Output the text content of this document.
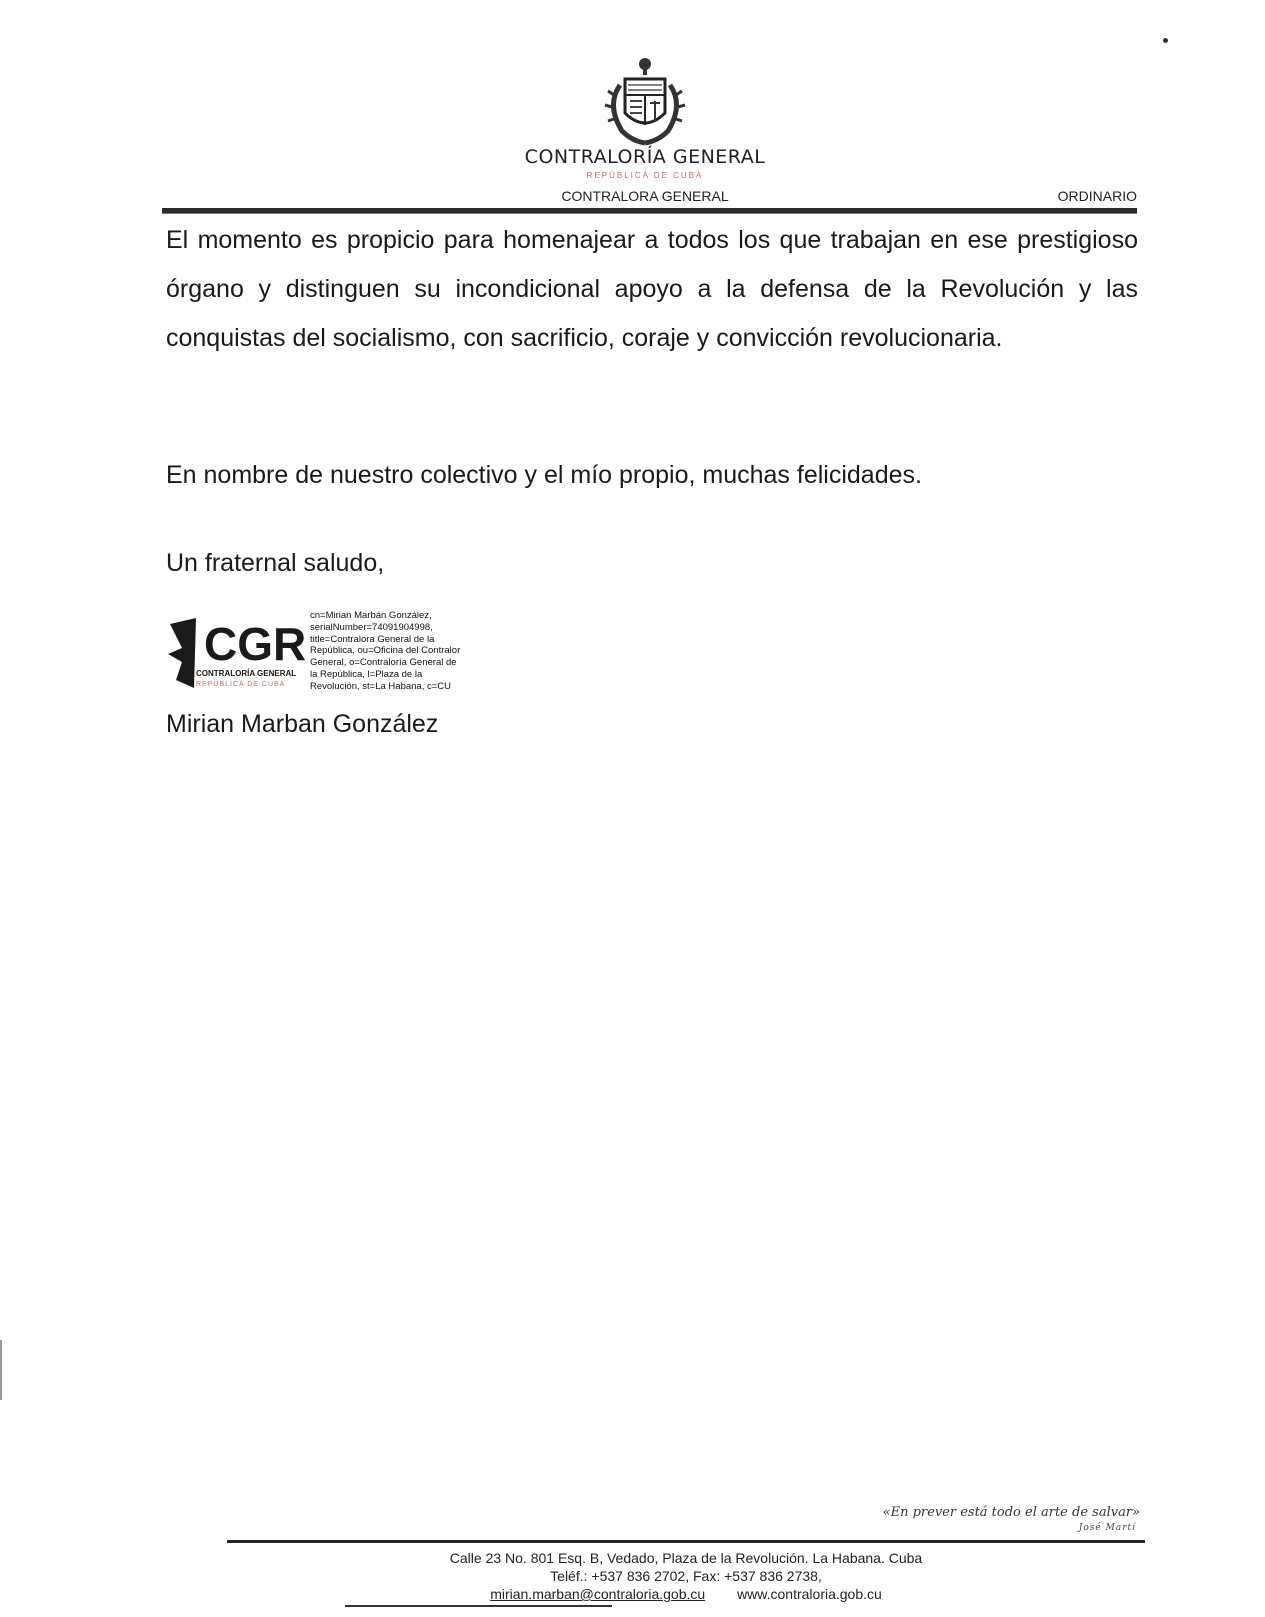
CONTRALORÍA GENERAL
REPÚBLICA DE CUBA
CONTRALORA GENERAL	ORDINARIO
El momento es propicio para homenajear a todos los que trabajan en ese prestigioso órgano y distinguen su incondicional apoyo a la defensa de la Revolución y las conquistas del socialismo, con sacrificio, coraje y convicción revolucionaria.
En nombre de nuestro colectivo y el mío propio, muchas felicidades.
Un fraternal saludo,
CGR
CONTRALORÍA GENERAL
REPÚBLICA DE CUBA
cn=Mirian Marbán González,
serialNumber=74091904998,
title=Contralora General de la
República, ou=Oficina del Contralor
General, o=Contraloría General de
la República, l=Plaza de la
Revolución, st=La Habana, c=CU
Mirian Marban González
«En prever está todo el arte de salvar»
José Martí
Calle 23 No. 801 Esq. B, Vedado, Plaza de la Revolución. La Habana. Cuba
Teléf.: +537 836 2702, Fax: +537 836 2738,
mirian.marban@contraloria.gob.cu www.contraloria.gob.cu
